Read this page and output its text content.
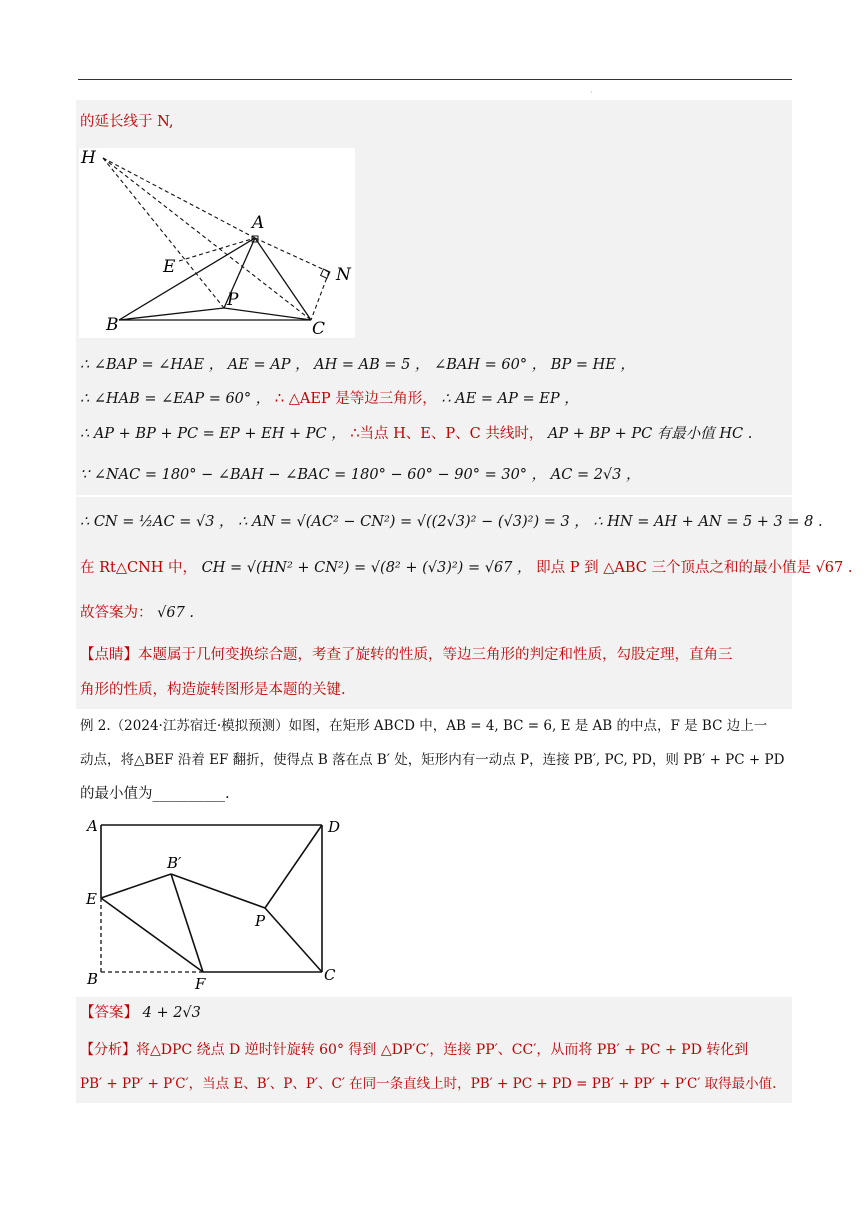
·
的延长线于 N,
H
A
E	N
P
B	C
∴ ∠BAP = ∠HAE ， AE = AP ， AH = AB = 5 ， ∠BAH = 60° ， BP = HE ，
∴ ∠HAB = ∠EAP = 60° ， ∴ △AEP 是等边三角形， ∴ AE = AP = EP ，
∴ AP + BP + PC = EP + EH + PC ， ∴当点 H、E、P、C 共线时， AP + BP + PC 有最小值 HC .
∵ ∠NAC = 180° − ∠BAH − ∠BAC = 180° − 60° − 90° = 30° ， AC = 2√3 ，
∴ CN = ½AC = √3 ， ∴ AN = √(AC² − CN²) = √((2√3)² − (√3)²) = 3 ， ∴ HN = AH + AN = 5 + 3 = 8 .
在 Rt△CNH 中， CH = √(HN² + CN²) = √(8² + (√3)²) = √67 ， 即点 P 到 △ABC 三个顶点之和的最小值是 √67 .
故答案为： √67 .
【点睛】本题属于几何变换综合题，考查了旋转的性质，等边三角形的判定和性质，勾股定理，直角三
角形的性质，构造旋转图形是本题的关键.
例 2.（2024·江苏宿迁·模拟预测）如图，在矩形 ABCD 中，AB = 4, BC = 6, E 是 AB 的中点，F 是 BC 边上一
动点，将△BEF 沿着 EF 翻折，使得点 B 落在点 B′ 处，矩形内有一动点 P，连接 PB′, PC, PD，则 PB′ + PC + PD
的最小值为__________.
A	D
B′
E
P
B	F	C
【答案】 4 + 2√3
【分析】将△DPC 绕点 D 逆时针旋转 60° 得到 △DP′C′，连接 PP′、CC′，从而将 PB′ + PC + PD 转化到
PB′ + PP′ + P′C′，当点 E、B′、P、P′、C′ 在同一条直线上时，PB′ + PC + PD = PB′ + PP′ + P′C′ 取得最小值.
